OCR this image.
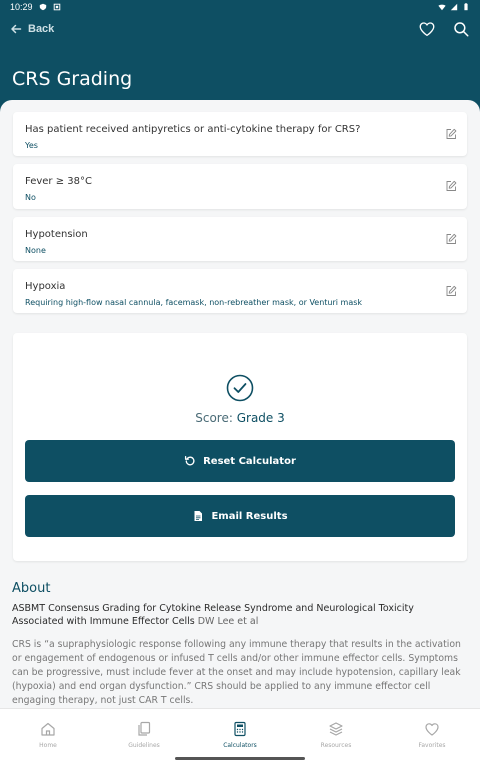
10:29
Back
CRS Grading
Has patient received antipyretics or anti-cytokine therapy for CRS?
Yes
Fever ≥ 38°C
No
Hypotension
None
Hypoxia
Requiring high-flow nasal cannula, facemask, non-rebreather mask, or Venturi mask
Score: Grade 3
Reset Calculator
Email Results
About
ASBMT Consensus Grading for Cytokine Release Syndrome and Neurological Toxicity Associated with Immune Effector Cells DW Lee et al
CRS is “a supraphysiologic response following any immune therapy that results in the activation or engagement of endogenous or infused T cells and/or other immune effector cells. Symptoms can be progressive, must include fever at the onset and may include hypotension, capillary leak (hypoxia) and end organ dysfunction.” CRS should be applied to any immune effector cell engaging therapy, not just CAR T cells.
Home	Guidelines	Calculators	Resources	Favorites
